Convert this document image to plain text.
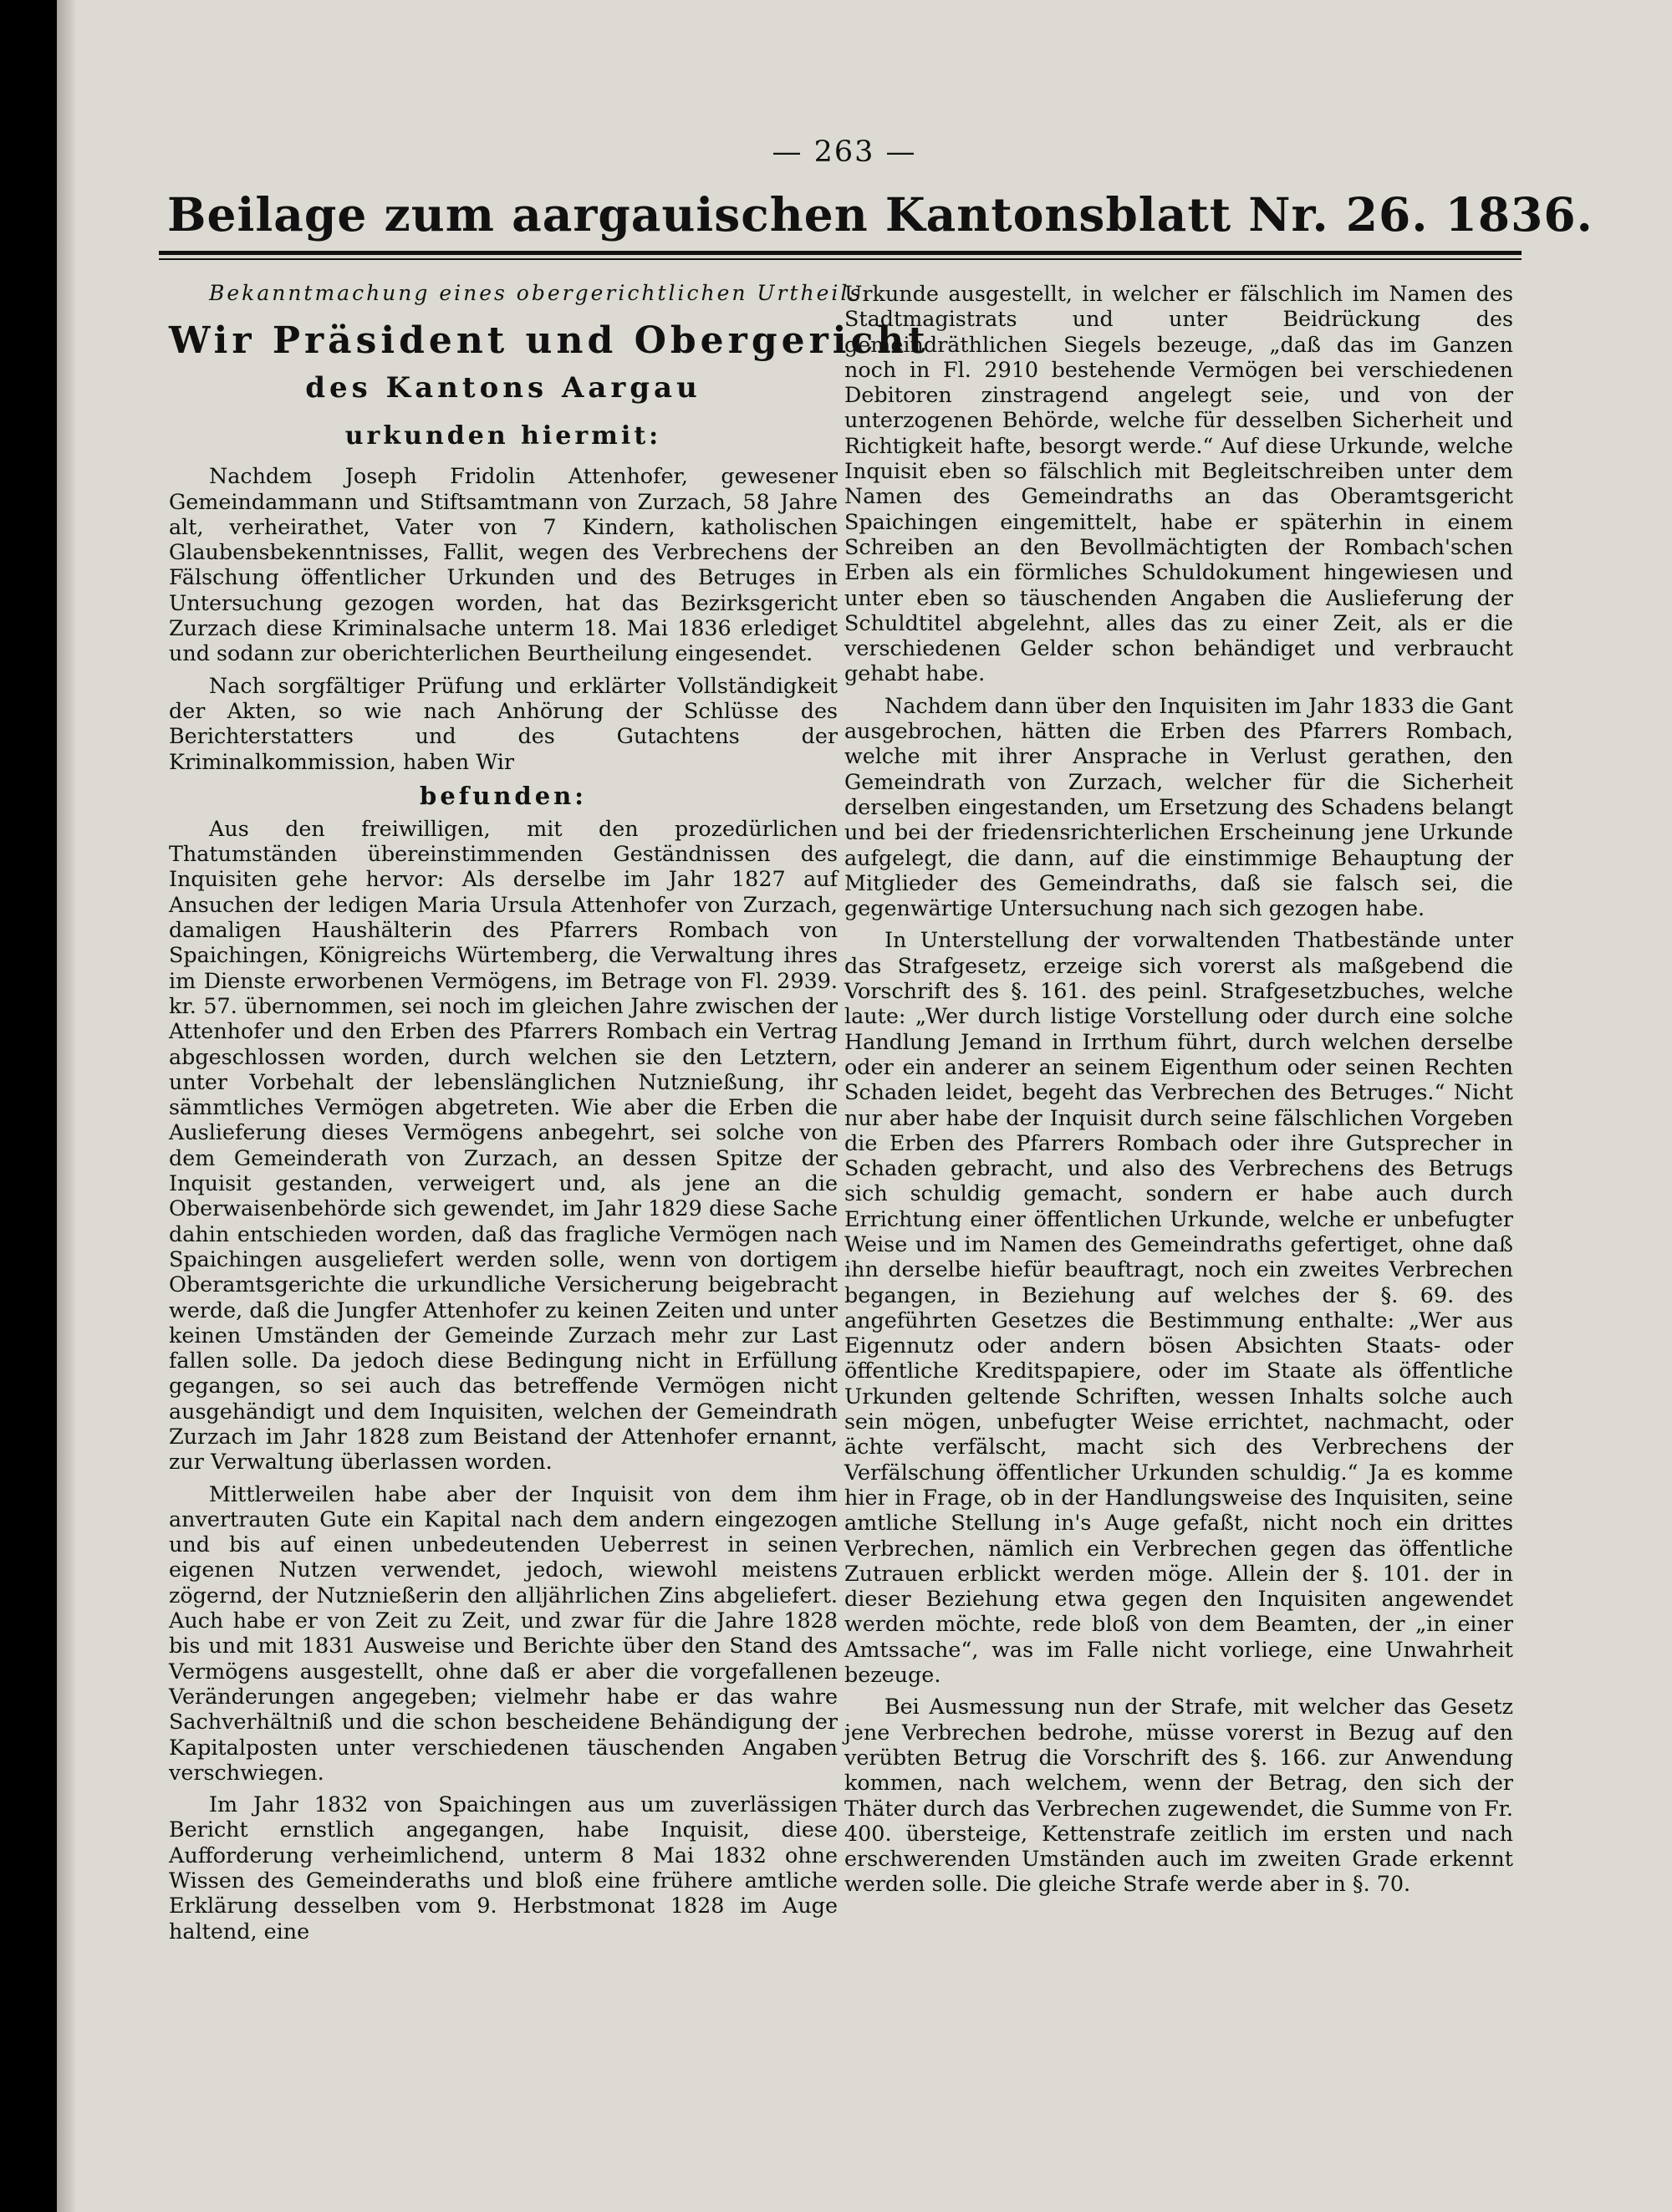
— 263 —
Beilage zum aargauischen Kantonsblatt Nr. 26. 1836.

Bekanntmachung eines obergerichtlichen Urtheils.

Wir Präsident und Obergericht
des Kantons Aargau
urkunden hiermit:

Nachdem Joseph Fridolin Attenhofer, gewesener Gemeindammann und Stiftsamtmann von Zurzach, 58 Jahre alt, verheirathet, Vater von 7 Kindern, katholischen Glaubensbekenntnisses, Fallit, wegen des Verbrechens der Fälschung öffentlicher Urkunden und des Betruges in Untersuchung gezogen worden, hat das Bezirksgericht Zurzach diese Kriminalsache unterm 18. Mai 1836 erlediget und sodann zur oberichterlichen Beurtheilung eingesendet.

Nach sorgfältiger Prüfung und erklärter Vollständigkeit der Akten, so wie nach Anhörung der Schlüsse des Berichterstatters und des Gutachtens der Kriminalkommission, haben Wir

befunden:

Aus den freiwilligen, mit den prozedürlichen Thatumständen übereinstimmenden Geständnissen des Inquisiten gehe hervor: Als derselbe im Jahr 1827 auf Ansuchen der ledigen Maria Ursula Attenhofer von Zurzach, damaligen Haushälterin des Pfarrers Rombach von Spaichingen, Königreichs Würtemberg, die Verwaltung ihres im Dienste erworbenen Vermögens, im Betrage von Fl. 2939. kr. 57. übernommen, sei noch im gleichen Jahre zwischen der Attenhofer und den Erben des Pfarrers Rombach ein Vertrag abgeschlossen worden, durch welchen sie den Letztern, unter Vorbehalt der lebenslänglichen Nutznießung, ihr sämmtliches Vermögen abgetreten. Wie aber die Erben die Auslieferung dieses Vermögens anbegehrt, sei solche von dem Gemeinderath von Zurzach, an dessen Spitze der Inquisit gestanden, verweigert und, als jene an die Oberwaisenbehörde sich gewendet, im Jahr 1829 diese Sache dahin entschieden worden, daß das fragliche Vermögen nach Spaichingen ausgeliefert werden solle, wenn von dortigem Oberamtsgerichte die urkundliche Versicherung beigebracht werde, daß die Jungfer Attenhofer zu keinen Zeiten und unter keinen Umständen der Gemeinde Zurzach mehr zur Last fallen solle. Da jedoch diese Bedingung nicht in Erfüllung gegangen, so sei auch das betreffende Vermögen nicht ausgehändigt und dem Inquisiten, welchen der Gemeindrath Zurzach im Jahr 1828 zum Beistand der Attenhofer ernannt, zur Verwaltung überlassen worden.

Mittlerweilen habe aber der Inquisit von dem ihm anvertrauten Gute ein Kapital nach dem andern eingezogen und bis auf einen unbedeutenden Ueberrest in seinen eigenen Nutzen verwendet, jedoch, wiewohl meistens zögernd, der Nutznießerin den alljährlichen Zins abgeliefert. Auch habe er von Zeit zu Zeit, und zwar für die Jahre 1828 bis und mit 1831 Ausweise und Berichte über den Stand des Vermögens ausgestellt, ohne daß er aber die vorgefallenen Veränderungen angegeben; vielmehr habe er das wahre Sachverhältniß und die schon bescheidene Behändigung der Kapitalposten unter verschiedenen täuschenden Angaben verschwiegen.

Im Jahr 1832 von Spaichingen aus um zuverlässigen Bericht ernstlich angegangen, habe Inquisit, diese Aufforderung verheimlichend, unterm 8 Mai 1832 ohne Wissen des Gemeinderaths und bloß eine frühere amtliche Erklärung desselben vom 9. Herbstmonat 1828 im Auge haltend, eine

Urkunde ausgestellt, in welcher er fälschlich im Namen des Stadtmagistrats und unter Beidrückung des gemeindräthlichen Siegels bezeuge, „daß das im Ganzen noch in Fl. 2910 bestehende Vermögen bei verschiedenen Debitoren zinstragend angelegt seie, und von der unterzogenen Behörde, welche für desselben Sicherheit und Richtigkeit hafte, besorgt werde.“ Auf diese Urkunde, welche Inquisit eben so fälschlich mit Begleitschreiben unter dem Namen des Gemeindraths an das Oberamtsgericht Spaichingen eingemittelt, habe er späterhin in einem Schreiben an den Bevollmächtigten der Rombach'schen Erben als ein förmliches Schuldokument hingewiesen und unter eben so täuschenden Angaben die Auslieferung der Schuldtitel abgelehnt, alles das zu einer Zeit, als er die verschiedenen Gelder schon behändiget und verbraucht gehabt habe.

Nachdem dann über den Inquisiten im Jahr 1833 die Gant ausgebrochen, hätten die Erben des Pfarrers Rombach, welche mit ihrer Ansprache in Verlust gerathen, den Gemeindrath von Zurzach, welcher für die Sicherheit derselben eingestanden, um Ersetzung des Schadens belangt und bei der friedensrichterlichen Erscheinung jene Urkunde aufgelegt, die dann, auf die einstimmige Behauptung der Mitglieder des Gemeindraths, daß sie falsch sei, die gegenwärtige Untersuchung nach sich gezogen habe.

In Unterstellung der vorwaltenden Thatbestände unter das Strafgesetz, erzeige sich vorerst als maßgebend die Vorschrift des §. 161. des peinl. Strafgesetzbuches, welche laute: „Wer durch listige Vorstellung oder durch eine solche Handlung Jemand in Irrthum führt, durch welchen derselbe oder ein anderer an seinem Eigenthum oder seinen Rechten Schaden leidet, begeht das Verbrechen des Betruges.“ Nicht nur aber habe der Inquisit durch seine fälschlichen Vorgeben die Erben des Pfarrers Rombach oder ihre Gutsprecher in Schaden gebracht, und also des Verbrechens des Betrugs sich schuldig gemacht, sondern er habe auch durch Errichtung einer öffentlichen Urkunde, welche er unbefugter Weise und im Namen des Gemeindraths gefertiget, ohne daß ihn derselbe hiefür beauftragt, noch ein zweites Verbrechen begangen, in Beziehung auf welches der §. 69. des angeführten Gesetzes die Bestimmung enthalte: „Wer aus Eigennutz oder andern bösen Absichten Staats- oder öffentliche Kreditspapiere, oder im Staate als öffentliche Urkunden geltende Schriften, wessen Inhalts solche auch sein mögen, unbefugter Weise errichtet, nachmacht, oder ächte verfälscht, macht sich des Verbrechens der Verfälschung öffentlicher Urkunden schuldig.“ Ja es komme hier in Frage, ob in der Handlungsweise des Inquisiten, seine amtliche Stellung in's Auge gefaßt, nicht noch ein drittes Verbrechen, nämlich ein Verbrechen gegen das öffentliche Zutrauen erblickt werden möge. Allein der §. 101. der in dieser Beziehung etwa gegen den Inquisiten angewendet werden möchte, rede bloß von dem Beamten, der „in einer Amtssache“, was im Falle nicht vorliege, eine Unwahrheit bezeuge.

Bei Ausmessung nun der Strafe, mit welcher das Gesetz jene Verbrechen bedrohe, müsse vorerst in Bezug auf den verübten Betrug die Vorschrift des §. 166. zur Anwendung kommen, nach welchem, wenn der Betrag, den sich der Thäter durch das Verbrechen zugewendet, die Summe von Fr. 400. übersteige, Kettenstrafe zeitlich im ersten und nach erschwerenden Umständen auch im zweiten Grade erkennt werden solle. Die gleiche Strafe werde aber in §. 70.
